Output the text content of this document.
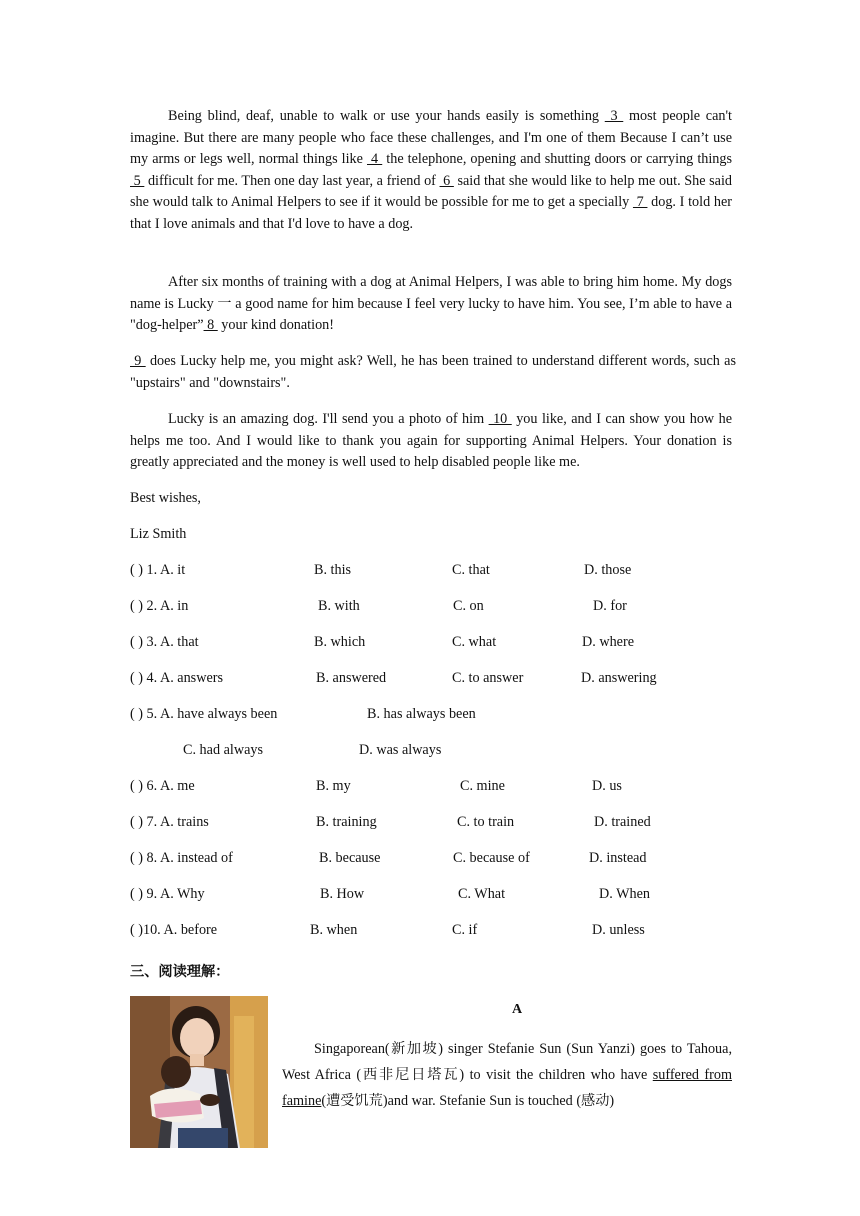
Being blind, deaf, unable to walk or use your hands easily is something  3  most people can't imagine. But there are many people who face these challenges, and I'm one of them Because I can’t use my arms or legs well, normal things like  4  the telephone, opening and shutting doors or carrying things  5  difficult for me. Then one day last year, a friend of  6  said that she would like to help me out. She said she would talk to Animal Helpers to see if it would be possible for me to get a specially  7  dog. I told her that I love animals and that I'd love to have a dog.

After six months of training with a dog at Animal Helpers, I was able to bring him home. My dogs name is Lucky 一 a good name for him because I feel very lucky to have him. You see, I’m able to have a "dog-helper” 8  your kind donation!

9  does Lucky help me, you might ask? Well, he has been trained to understand different words, such as "upstairs" and "downstairs".

Lucky is an amazing dog. I'll send you a photo of him  10  you like, and I can show you how he helps me too. And I would like to thank you again for supporting Animal Helpers. Your donation is greatly appreciated and the money is well used to help disabled people like me.

Best wishes,
Liz Smith
( ) 1. A. it	B. this	C. that	D. those
( ) 2. A. in	B. with	C. on	D. for
( ) 3. A. that	B. which	C. what	D. where
( ) 4. A. answers	B. answered	C. to answer	D. answering
( ) 5. A. have always been	B. has always been
C. had always	D. was always
( ) 6. A. me	B. my	C. mine	D. us
( ) 7. A. trains	B. training	C. to train	D. trained
( ) 8. A. instead of	B. because	C. because of	D. instead
( ) 9. A. Why	B. How	C. What	D. When
( )10. A. before	B. when	C. if	D. unless
三、阅读理解：
A

Singaporean(新加坡) singer Stefanie Sun (Sun Yanzi) goes to Tahoua, West Africa (西非尼日塔瓦) to visit the children who have suffered from famine(遭受饥荒)and war. Stefanie Sun is touched (感动)
